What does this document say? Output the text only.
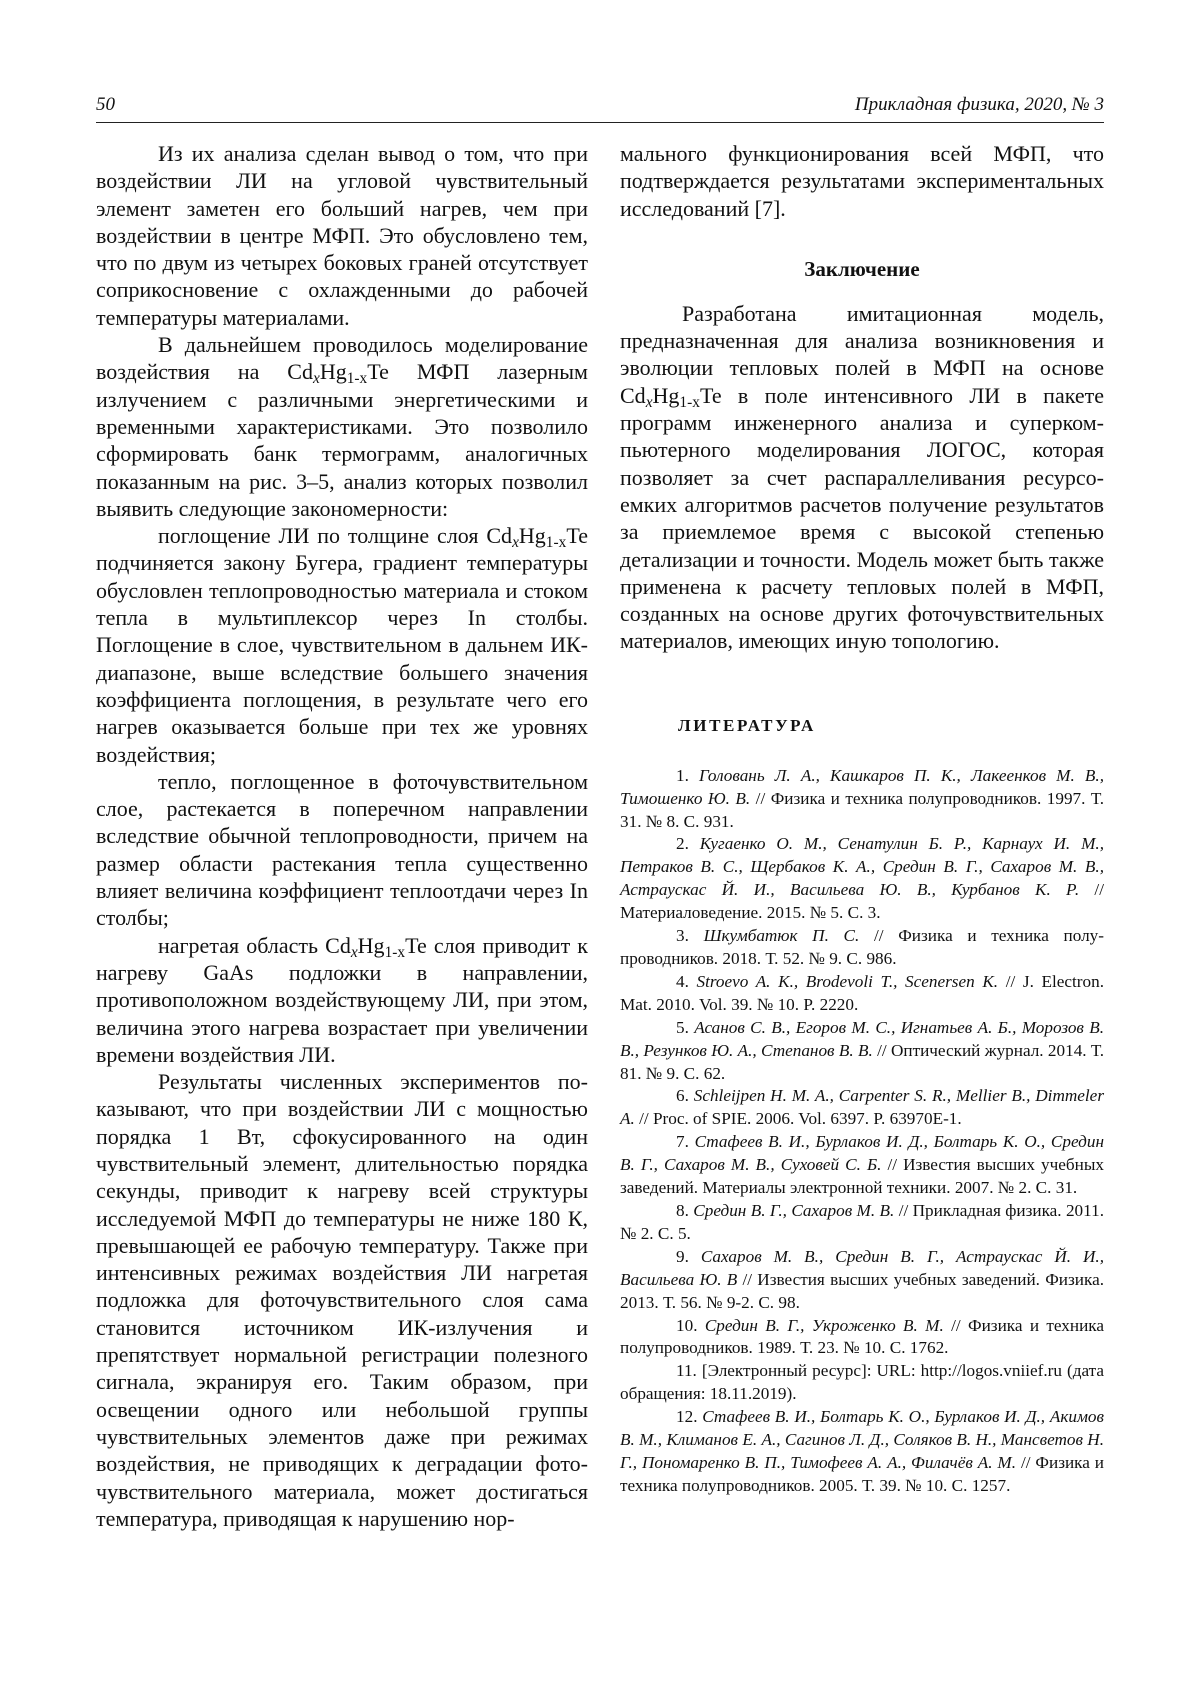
50	Прикладная физика, 2020, № 3

Из их анализа сделан вывод о том, что при воздействии ЛИ на угловой чувствительный элемент заметен его больший нагрев, чем при воздействии в центре МФП. Это обусловлено тем, что по двум из четырех боковых граней отсутствует соприкосновение с охлажденными до рабочей температуры материалами.

В дальнейшем проводилось моделирование воздействия на $Cd_xHg_{1-x}Te$ МФП лазерным излучением с различными энергетическими и временными характеристиками. Это позволило сформировать банк термограмм, аналогичных показанным на рис. 3–5, анализ которых позволил выявить следующие закономерности:

поглощение ЛИ по толщине слоя $Cd_xHg_{1-x}Te$ подчиняется закону Бугера, градиент температуры обусловлен теплопроводностью материала и стоком тепла в мультиплексор через In столбы. Поглощение в слое, чувствительном в дальнем ИК-диапазоне, выше вследствие большего значения коэффициента поглощения, в результате чего его нагрев оказывается больше при тех же уровнях воздействия;

тепло, поглощенное в фоточувствительном слое, растекается в поперечном направлении вследствие обычной теплопроводности, причем на размер области растекания тепла существенно влияет величина коэффициент теплоотдачи через In столбы;

нагретая область $Cd_xHg_{1-x}Te$ слоя приводит к нагреву GaAs подложки в направлении, противоположном воздействующему ЛИ, при этом, величина этого нагрева возрастает при увеличении времени воздействия ЛИ.

Результаты численных экспериментов показывают, что при воздействии ЛИ с мощностью порядка 1 Вт, сфокусированного на один чувствительный элемент, длительностью порядка секунды, приводит к нагреву всей структуры исследуемой МФП до температуры не ниже 180 К, превышающей ее рабочую температуру. Также при интенсивных режимах воздействия ЛИ нагретая подложка для фоточувствительного слоя сама становится источником ИК-излучения и препятствует нормальной регистрации полезного сигнала, экранируя его. Таким образом, при освещении одного или небольшой группы чувствительных элементов даже при режимах воздействия, не приводящих к деградации фоточувствительного материала, может достигаться температура, приводящая к нарушению нор-

мального функционирования всей МФП, что подтверждается результатами экспериментальных исследований [7].

Заключение

Разработана имитационная модель, предназначенная для анализа возникновения и эволюции тепловых полей в МФП на основе $Cd_xHg_{1-x}Te$ в поле интенсивного ЛИ в пакете программ инженерного анализа и суперкомпьютерного моделирования ЛОГОС, которая позволяет за счет распараллеливания ресурсоемких алгоритмов расчетов получение результатов за приемлемое время с высокой степенью детализации и точности. Модель может быть также применена к расчету тепловых полей в МФП, созданных на основе других фоточувствительных материалов, имеющих иную топологию.

ЛИТЕРАТУРА

1. Головань Л. А., Кашкаров П. К., Лакеенков М. В., Тимошенко Ю. В. // Физика и техника полупроводников. 1997. Т. 31. № 8. С. 931.

2. Кугаенко О. М., Сенатулин Б. Р., Карнаух И. М., Петраков В. С., Щербаков К. А., Средин В. Г., Сахаров М. В., Астраускас Й. И., Васильева Ю. В., Курбанов К. Р. // Материаловедение. 2015. № 5. С. 3.

3. Шкумбатюк П. С. // Физика и техника полупроводников. 2018. Т. 52. № 9. С. 986.

4. Stroevo A. K., Brodevoli T., Scenersen K. // J. Electron. Mat. 2010. Vol. 39. № 10. P. 2220.

5. Асанов С. В., Егоров М. С., Игнатьев А. Б., Морозов В. В., Резунков Ю. А., Степанов В. В. // Оптический журнал. 2014. Т. 81. № 9. С. 62.

6. Schleijpen H. M. A., Carpenter S. R., Mellier B., Dimmeler A. // Proc. of SPIE. 2006. Vol. 6397. P. 63970E-1.

7. Стафеев В. И., Бурлаков И. Д., Болтарь К. О., Средин В. Г., Сахаров М. В., Суховей С. Б. // Известия высших учебных заведений. Материалы электронной техники. 2007. № 2. С. 31.

8. Средин В. Г., Сахаров М. В. // Прикладная физика. 2011. № 2. С. 5.

9. Сахаров М. В., Средин В. Г., Астраускас Й. И., Васильева Ю. В // Известия высших учебных заведений. Физика. 2013. Т. 56. № 9-2. С. 98.

10. Средин В. Г., Укроженко В. М. // Физика и техника полупроводников. 1989. Т. 23. № 10. С. 1762.

11. [Электронный ресурс]: URL: http://logos.vniief.ru (дата обращения: 18.11.2019).

12. Стафеев В. И., Болтарь К. О., Бурлаков И. Д., Акимов В. М., Климанов Е. А., Сагинов Л. Д., Соляков В. Н., Мансветов Н. Г., Пономаренко В. П., Тимофеев А. А., Филачёв А. М. // Физика и техника полупроводников. 2005. Т. 39. № 10. С. 1257.
